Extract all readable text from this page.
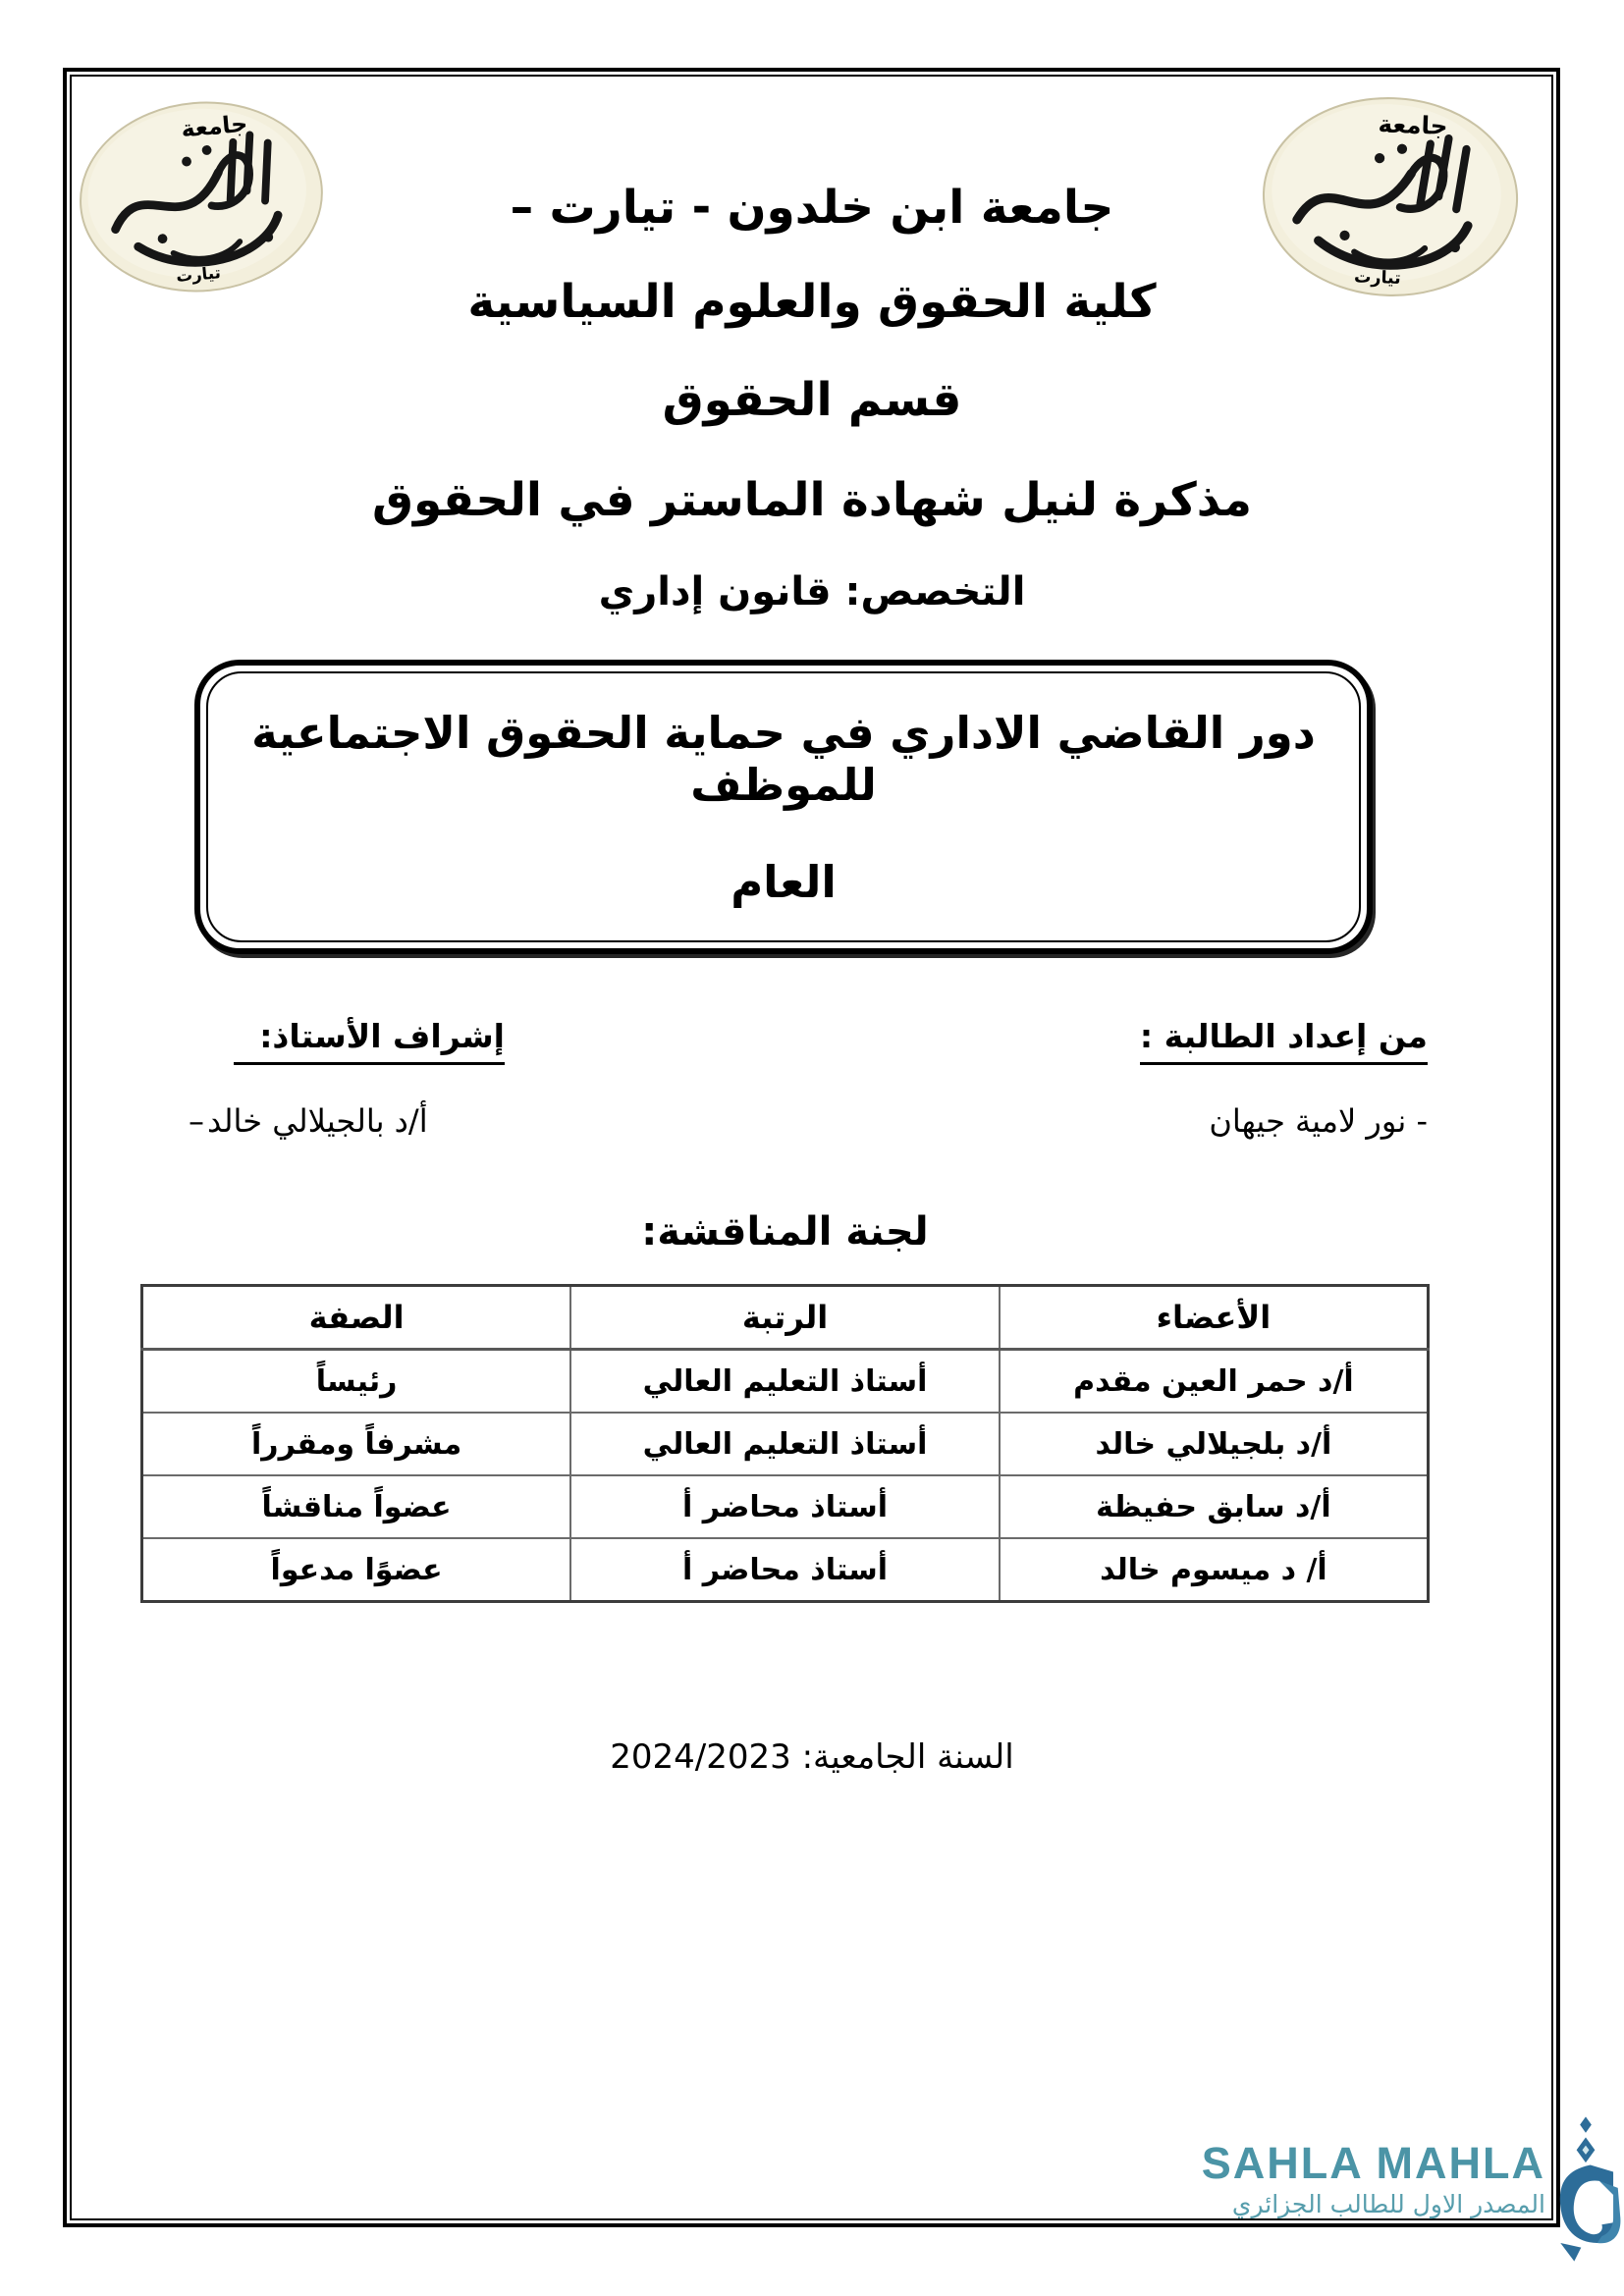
جامعة
تيارت
جامعة
تيارت
جامعة ابن خلدون - تيارت –
كلية الحقوق والعلوم السياسية
قسم الحقوق
مذكرة لنيل شهادة الماستر في الحقوق
التخصص: قانون إداري
دور القاضي الاداري في حماية الحقوق الاجتماعية للموظف
العام
من إعداد الطالبة :
- نور لامية جيهان
إشراف الأستاذ:
– أ/د بالجيلالي خالد
لجنة المناقشة:
الأعضاء	الرتبة	الصفة
أ/د حمر العين مقدم	أستاذ التعليم العالي	رئيساً
أ/د بلجيلالي خالد	أستاذ التعليم العالي	مشرفاً ومقرراً
أ/د سابق حفيظة	أستاذ محاضر أ	عضواً مناقشاً
أ/ د ميسوم خالد	أستاذ محاضر أ	عضوًا مدعواً
السنة الجامعية: 2024/2023
SAHLA MAHLA
المصدر الاول للطالب الجزائري
